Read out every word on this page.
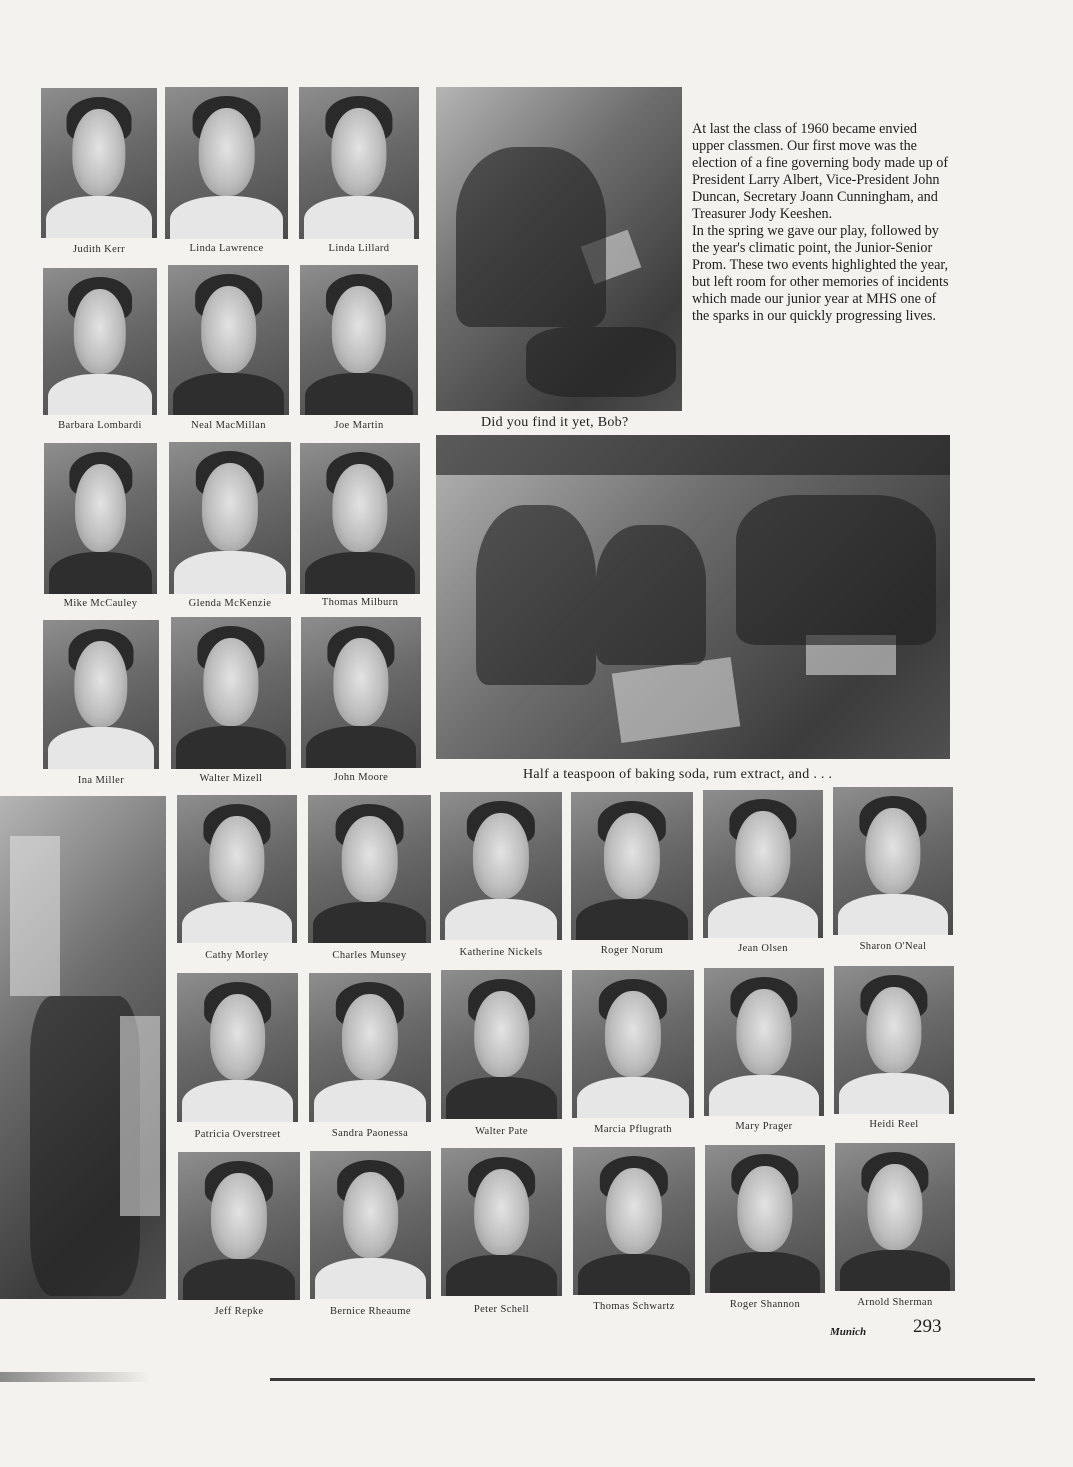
Did you find it yet, Bob?

At last the class of 1960 became envied upper classmen. Our first move was the election of a fine governing body made up of President Larry Albert, Vice-President John Duncan, Secretary Joann Cunningham, and Treasurer Jody Keeshen.

In the spring we gave our play, followed by the year's climatic point, the Junior-Senior Prom. These two events highlighted the year, but left room for other memories of incidents which made our junior year at MHS one of the sparks in our quickly progressing lives.

Half a teaspoon of baking soda, rum extract, and . . .
Judith Kerr	Linda Lawrence	Linda Lillard
Barbara Lombardi	Neal MacMillan	Joe Martin
Mike McCauley	Glenda McKenzie	Thomas Milburn
Ina Miller	Walter Mizell	John Moore
Cathy Morley	Charles Munsey	Katherine Nickels	Roger Norum	Jean Olsen	Sharon O'Neal
Patricia Overstreet	Sandra Paonessa	Walter Pate	Marcia Pflugrath	Mary Prager	Heidi Reel
Jeff Repke	Bernice Rheaume	Peter Schell	Thomas Schwartz	Roger Shannon	Arnold Sherman
Munich 293
